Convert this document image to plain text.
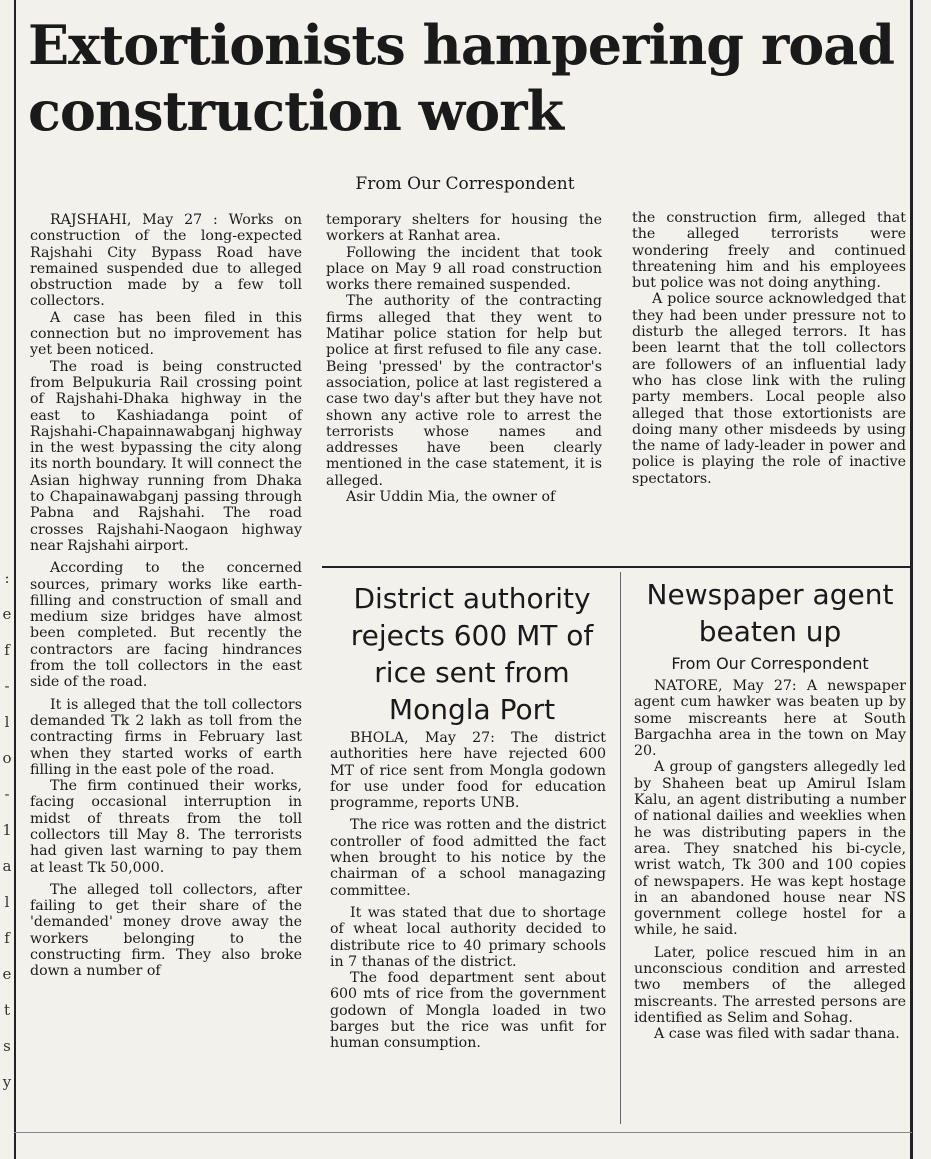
:
e
f
-
l
o
-
1
a
l
f
e
t
s
y
Extortionists hampering road construction work
From Our Correspondent

RAJSHAHI, May 27 : Works on construction of the long-expected Rajshahi City Bypass Road have remained suspended due to alleged obstruction made by a few toll collectors.

A case has been filed in this connection but no improvement has yet been noticed.

The road is being constructed from Belpukuria Rail crossing point of Rajshahi-Dhaka highway in the east to Kashiadanga point of Rajshahi-Chapainnawabganj highway in the west bypassing the city along its north boundary. It will connect the Asian highway running from Dhaka to Chapainawabganj passing through Pabna and Rajshahi. The road crosses Rajshahi-Naogaon highway near Rajshahi airport.

According to the concerned sources, primary works like earth-filling and construction of small and medium size bridges have almost been completed. But recently the contractors are facing hindrances from the toll collectors in the east side of the road.

It is alleged that the toll collectors demanded Tk 2 lakh as toll from the contracting firms in February last when they started works of earth filling in the east pole of the road.

The firm continued their works, facing occasional interruption in midst of threats from the toll collectors till May 8. The terrorists had given last warning to pay them at least Tk 50,000.

The alleged toll collectors, after failing to get their share of the 'demanded' money drove away the workers belonging to the constructing firm. They also broke down a number of

temporary shelters for housing the workers at Ranhat area.

Following the incident that took place on May 9 all road construction works there remained suspended.

The authority of the contracting firms alleged that they went to Matihar police station for help but police at first refused to file any case. Being 'pressed' by the contractor's association, police at last registered a case two day's after but they have not shown any active role to arrest the terrorists whose names and addresses have been clearly mentioned in the case statement, it is alleged.

Asir Uddin Mia, the owner of

the construction firm, alleged that the alleged terrorists were wondering freely and continued threatening him and his employees but police was not doing anything.

A police source acknowledged that they had been under pressure not to disturb the alleged terrors. It has been learnt that the toll collectors are followers of an influential lady who has close link with the ruling party members. Local people also alleged that those extortionists are doing many other misdeeds by using the name of lady-leader in power and police is playing the role of inactive spectators.

District authority rejects 600 MT of rice sent from Mongla Port

BHOLA, May 27: The district authorities here have rejected 600 MT of rice sent from Mongla godown for use under food for education programme, reports UNB.

The rice was rotten and the district controller of food admitted the fact when brought to his notice by the chairman of a school managazing committee.

It was stated that due to shortage of wheat local authority decided to distribute rice to 40 primary schools in 7 thanas of the district.

The food department sent about 600 mts of rice from the government godown of Mongla loaded in two barges but the rice was unfit for human consumption.

Newspaper agent beaten up
From Our Correspondent

NATORE, May 27: A newspaper agent cum hawker was beaten up by some miscreants here at South Bargachha area in the town on May 20.

A group of gangsters allegedly led by Shaheen beat up Amirul Islam Kalu, an agent distributing a number of national dailies and weeklies when he was distributing papers in the area. They snatched his bi-cycle, wrist watch, Tk 300 and 100 copies of newspapers. He was kept hostage in an abandoned house near NS government college hostel for a while, he said.

Later, police rescued him in an unconscious condition and arrested two members of the alleged miscreants. The arrested persons are identified as Selim and Sohag.

A case was filed with sadar thana.
